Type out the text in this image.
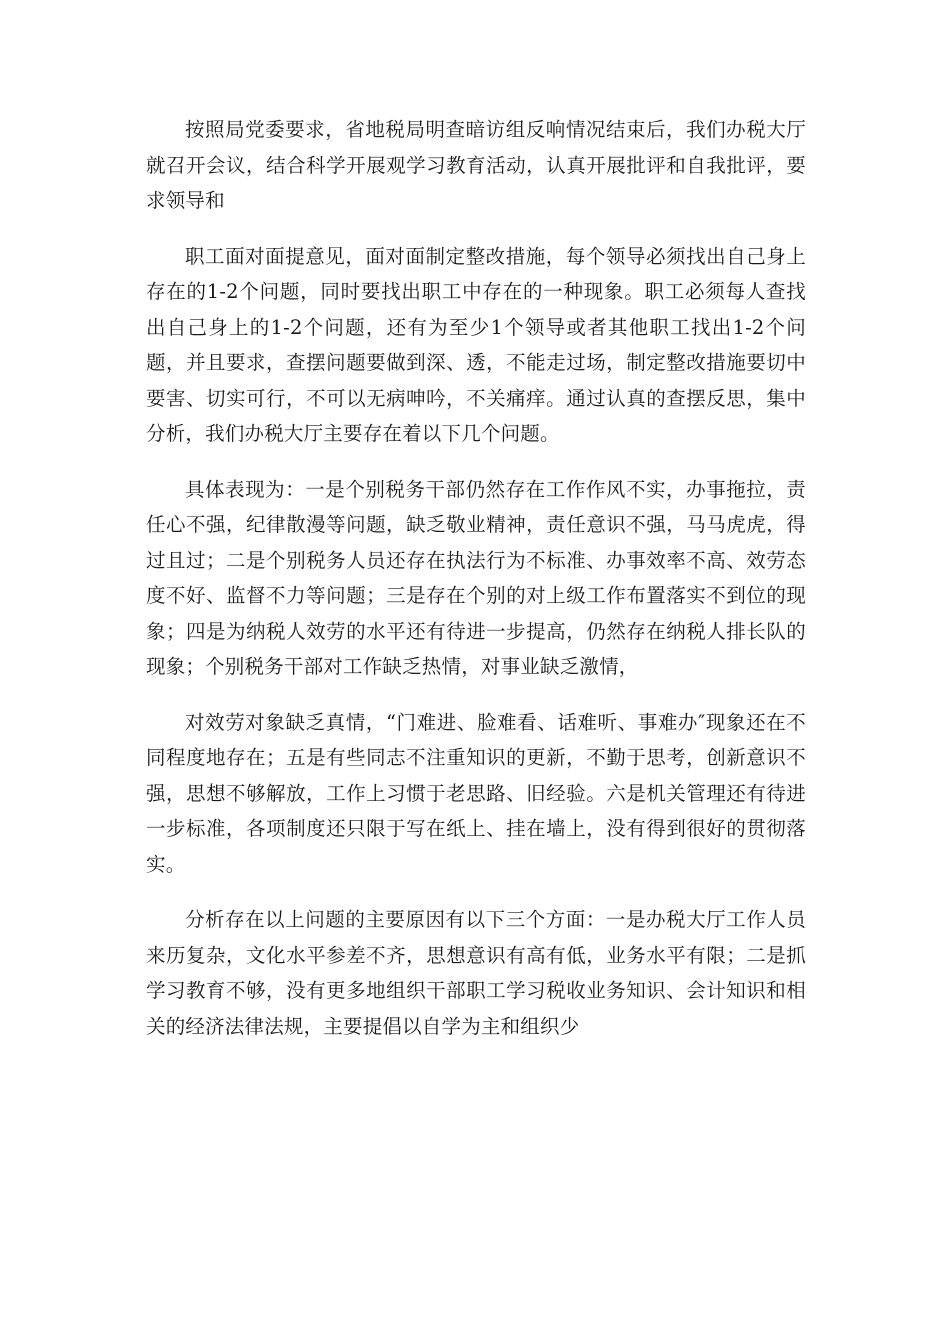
按照局党委要求，省地税局明查暗访组反响情况结束后，我们办税大厅就召开会议，结合科学开展观学习教育活动，认真开展批评和自我批评，要求领导和

职工面对面提意见，面对面制定整改措施，每个领导必须找出自己身上存在的1-2个问题，同时要找出职工中存在的一种现象。职工必须每人查找出自己身上的1-2个问题，还有为至少1个领导或者其他职工找出1-2个问题，并且要求，查摆问题要做到深、透，不能走过场，制定整改措施要切中要害、切实可行，不可以无病呻吟，不关痛痒。通过认真的查摆反思，集中分析，我们办税大厅主要存在着以下几个问题。

具体表现为：一是个别税务干部仍然存在工作作风不实，办事拖拉，责任心不强，纪律散漫等问题，缺乏敬业精神，责任意识不强，马马虎虎，得过且过；二是个别税务人员还存在执法行为不标准、办事效率不高、效劳态度不好、监督不力等问题；三是存在个别的对上级工作布置落实不到位的现象；四是为纳税人效劳的水平还有待进一步提高，仍然存在纳税人排长队的现象；个别税务干部对工作缺乏热情，对事业缺乏激情，

对效劳对象缺乏真情，“门难进、脸难看、话难听、事难办″现象还在不同程度地存在；五是有些同志不注重知识的更新，不勤于思考，创新意识不强，思想不够解放，工作上习惯于老思路、旧经验。六是机关管理还有待进一步标准，各项制度还只限于写在纸上、挂在墙上，没有得到很好的贯彻落实。

分析存在以上问题的主要原因有以下三个方面：一是办税大厅工作人员来历复杂，文化水平参差不齐，思想意识有高有低，业务水平有限；二是抓学习教育不够，没有更多地组织干部职工学习税收业务知识、会计知识和相关的经济法律法规，主要提倡以自学为主和组织少
